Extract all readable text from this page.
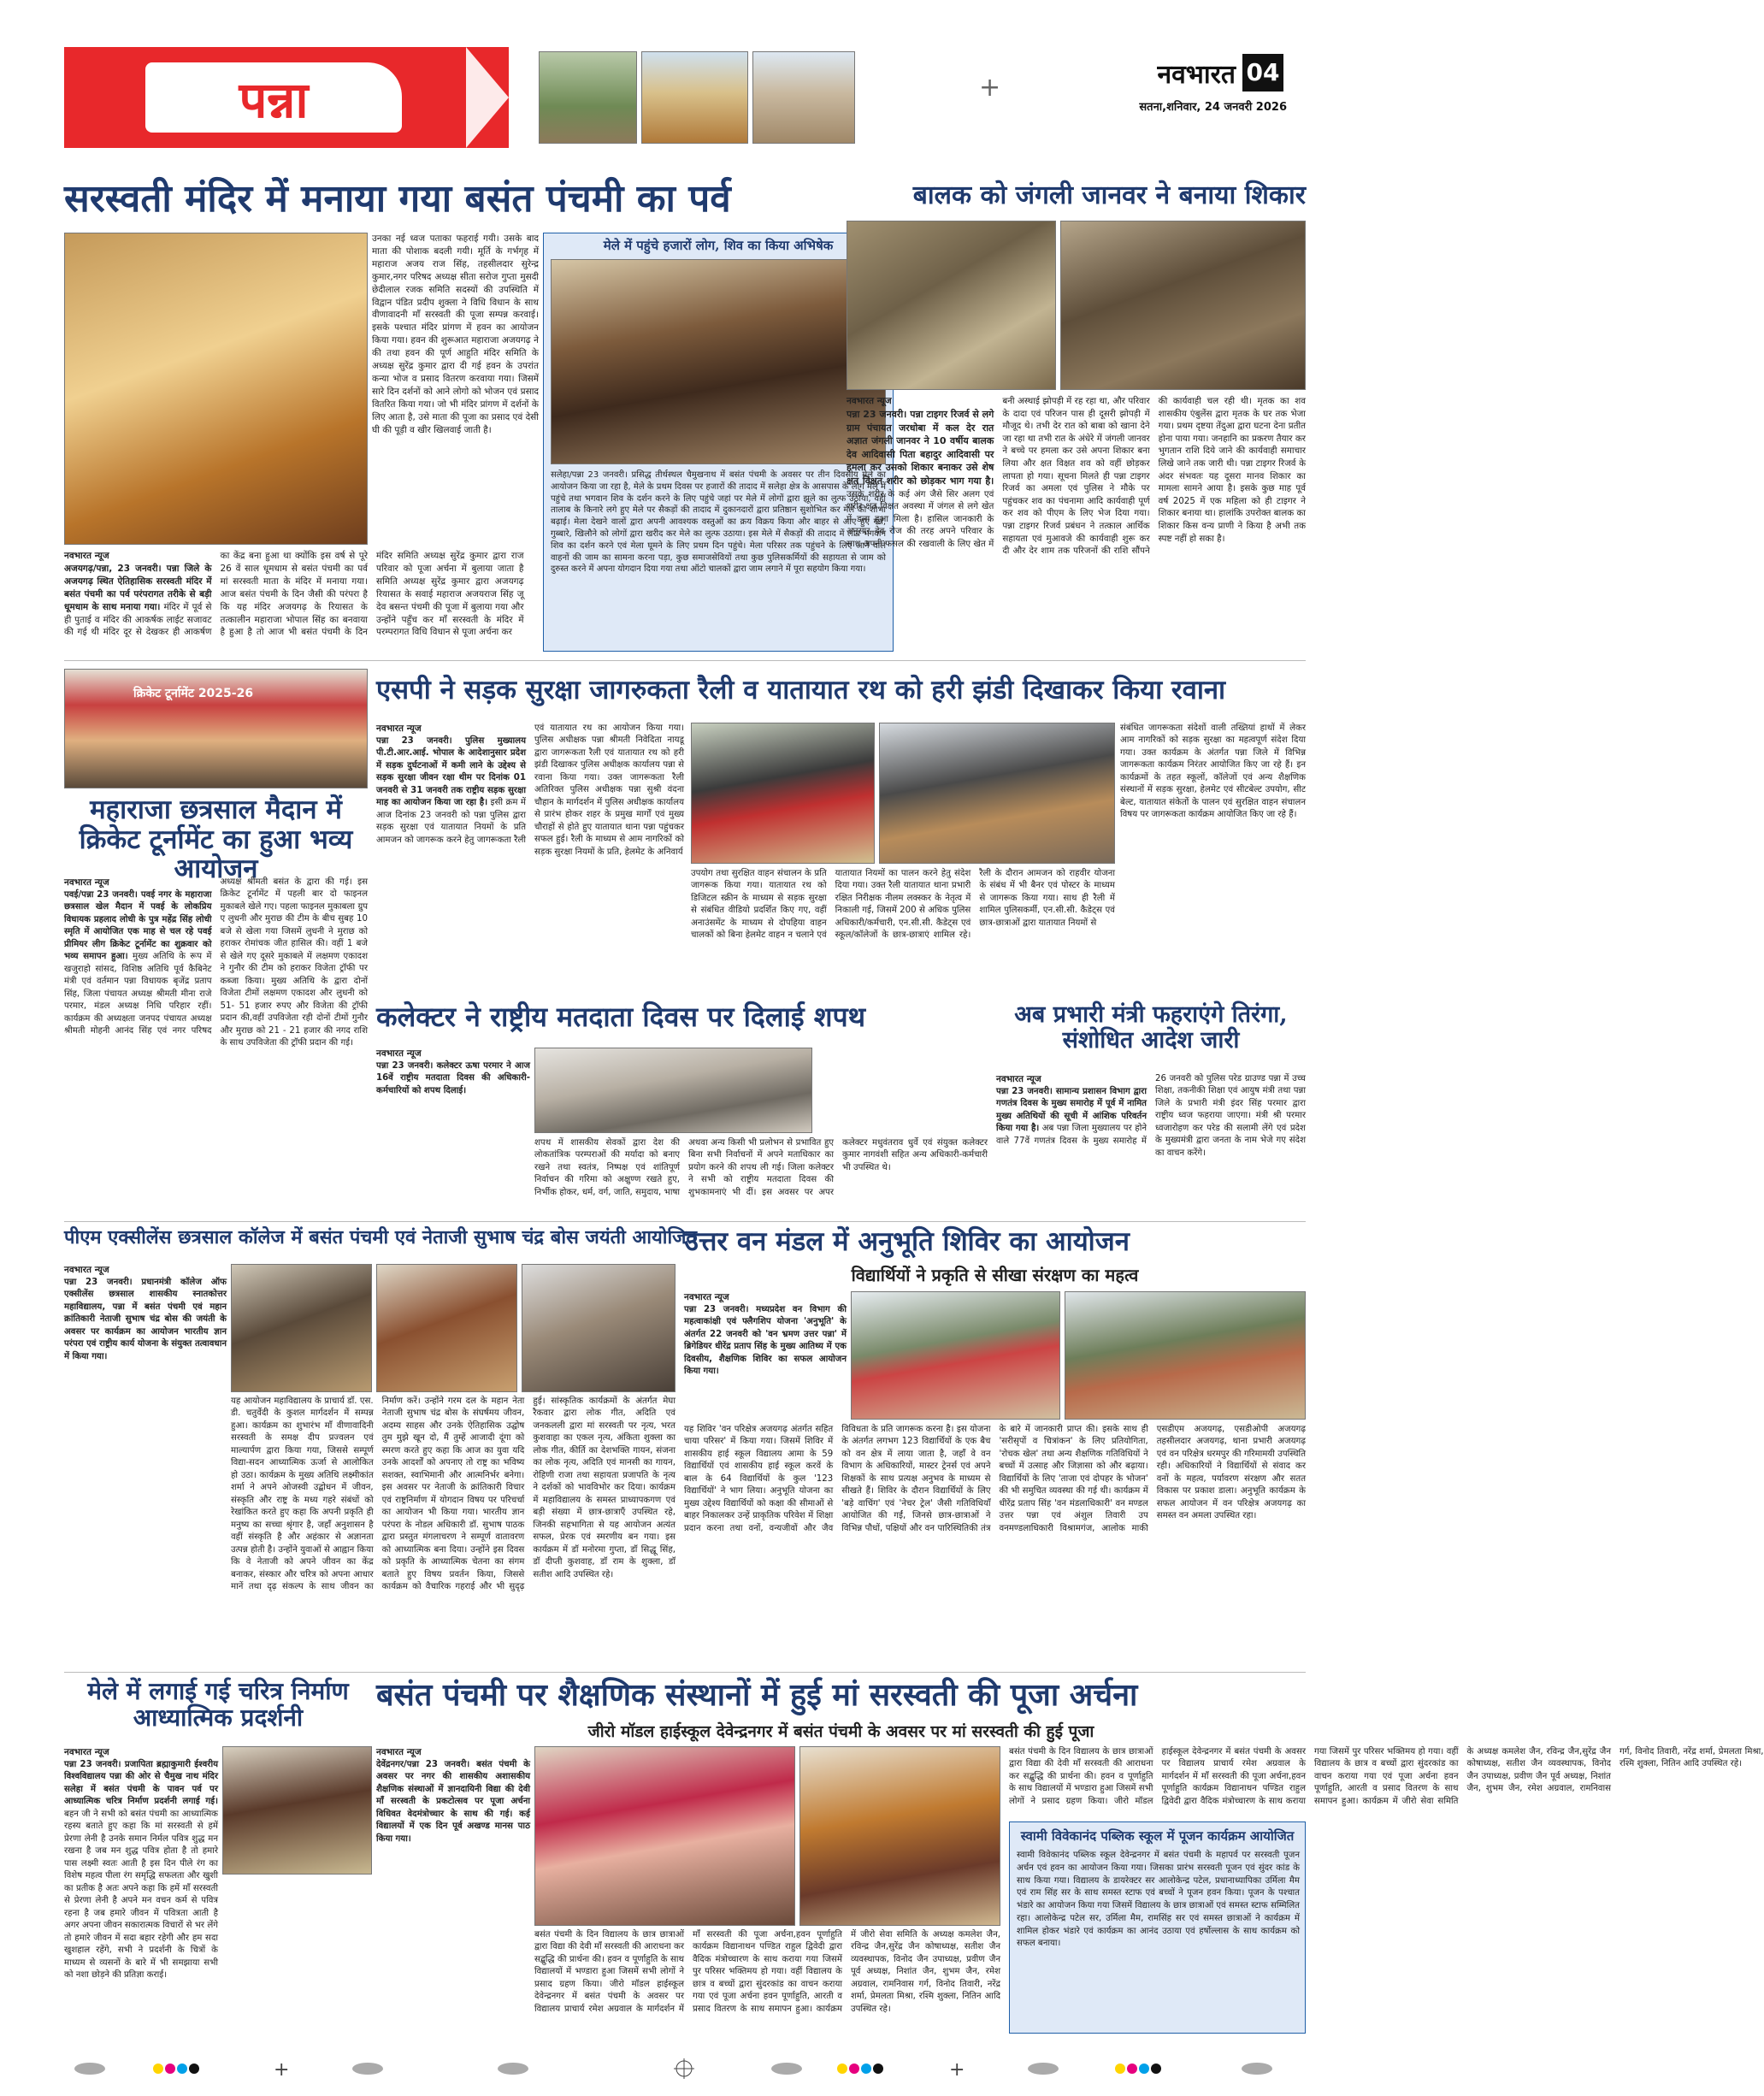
पन्ना	नवभारत 04
सतना,शनिवार, 24 जनवरी 2026
+
सरस्वती मंदिर में मनाया गया बसंत पंचमी का पर्व
नवभारत न्यूज
अजयगढ़/पन्ना, 23 जनवरी। पन्ना जिले के अजयगढ़ स्थित ऐतिहासिक सरस्वती मंदिर में बसंत पंचमी का पर्व परंपरागत तरीके से बड़ी धूमधाम के साथ मनाया गया। मंदिर में पूर्व से ही पुताई व मंदिर की आकर्षक लाईट सजावट की गई थी मंदिर दूर से देखकर ही आकर्षण का केंद्र बना हुआ था क्योंकि इस वर्ष से पूरे 26 वें साल धूमधाम से बसंत पंचमी का पर्व मां सरस्वती माता के मंदिर में मनाया गया। आज बसंत पंचमी के दिन जैसी की परंपरा है कि यह मंदिर अजयगढ़ के रियासत के तत्कालीन महाराजा भोपाल सिंह का बनवाया है हुआ है तो आज भी बसंत पंचमी के दिन मंदिर समिति अध्यक्ष सुरेंद्र कुमार द्वारा राज परिवार को पूजा अर्चना में बुलाया जाता है समिति अध्यक्ष सुरेंद्र कुमार द्वारा अजयगढ़ रियासत के सवाई महाराज अजयराज सिंह जू देव बसन्त पंचमी की पूजा में बुलाया गया और उन्होंने पहुँच कर माँ सरस्वती के मंदिर में परम्परागत विधि विधान से पूजा अर्चना कर
उनका नई ध्वज पताका फहराई गयी। उसके बाद माता की पोशाक बदली गयी। मूर्ति के गर्भगृह में महाराज अजय राज सिंह, तहसीलदार सुरेन्द्र कुमार,नगर परिषद अध्यक्ष सीता सरोज गुप्ता मुसदी छेदीलाल रजक समिति सदस्यों की उपस्थिति में विद्वान पंडित प्रदीप शुक्ला ने विधि विधान के साथ वीणावादनी माँ सरस्वती की पूजा सम्पन्न करवाई। इसके पश्चात मंदिर प्रांगण में हवन का आयोजन किया गया। हवन की शुरूआत महाराजा अजयगढ़ ने की तथा हवन की पूर्ण आहुति मंदिर समिति के अध्यक्ष सुरेंद्र कुमार द्वारा दी गई हवन के उपरांत कन्या भोज व प्रसाद वितरण करवाया गया। जिसमें सारे दिन दर्शनों को आने लोगो को भोजन एवं प्रसाद वितरित किया गया। जो भी मंदिर प्रांगण में दर्शनों के लिए आता है, उसे माता की पूजा का प्रसाद एवं देसी घी की पूड़ी व खीर खिलवाई जाती है।
मेले में पहुंचे हजारों लोग, शिव का किया अभिषेक
सलेहा/पन्ना 23 जनवरी। प्रसिद्ध तीर्थस्थल चैमुखनाथ में बसंत पंचमी के अवसर पर तीन दिवसीय मेले का आयोजन किया जा रहा है, मेले के प्रथम दिवस पर हजारों की तादाद में सलेहा क्षेत्र के आसपास के लोग मेले में पहुंचे तथा भगवान शिव के दर्शन करने के लिए पहुंचे जहां पर मेले में लोगों द्वारा झूले का लुत्फ उठाया, वहीं तालाब के किनारे लगे हुए मेले पर सैकड़ों की तादाद में दुकानदारों द्वारा प्रतिष्ठान सुशोभित कर मेले की शोभा बढ़ाई। मेला देखने वालों द्वारा अपनी आवश्यक वस्तुओं का क्रय विक्रय किया और बाहर से आए हुए गन्ने, गुब्बारे, खिलौने को लोगों द्वारा खरीद कर मेले का लुत्फ उठाया। इस मेले में सैकड़ों की तादाद में लोग भगवान शिव का दर्शन करने एवं मेला घूमने के लिए प्रथम दिन पहुंचे। मेला परिसर तक पहुंचने के लिए आने वाले वाहनों की जाम का सामना करना पड़ा, कुछ समाजसेवियों तथा कुछ पुलिसकर्मियों की सहायता से जाम को दुरुस्त करने में अपना योगदान दिया गया तथा ऑटो चालकों द्वारा जाम लगाने में पूरा सहयोग किया गया।
बालक को जंगली जानवर ने बनाया शिकार
नवभारत न्यूज
पन्ना 23 जनवरी। पन्ना टाइगर रिजर्व से लगे ग्राम पंचायत जरधोबा में कल देर रात अज्ञात जंगली जानवर ने 10 वर्षीय बालक देव आदिवासी पिता बहादुर आदिवासी पर हमला कर उसको शिकार बनाकर उसे शेष क्षत विक्षत शरीर को छोड़कर भाग गया है। उसके शरीर के कई अंग जैसे सिर अलग एवं शरीर क्षत विक्षत अवस्था में जंगल से लगे खेत में डला हुआ मिला है। हासिल जानकारी के अनुसार देव रोज की तरह अपने परिवार के साथ अपनी फसल की रखवाली के लिए खेत में बनी अस्थाई झोपड़ी में रह रहा था, और परिवार के दादा एवं परिजन पास ही दूसरी झोपड़ी में मौजूद थे। तभी देर रात को बाबा को खाना देने जा रहा था तभी रात के अंधेरे में जंगली जानवर ने बच्चे पर हमला कर उसे अपना शिकार बना लिया और क्षत विक्षत शव को वहीं छोड़कर लापता हो गया। सूचना मिलते ही पन्ना टाइगर रिजर्व का अमला एवं पुलिस ने मौके पर पहुंचकर शव का पंचनामा आदि कार्यवाही पूर्ण कर शव को पीएम के लिए भेज दिया गया। पन्ना टाइगर रिजर्व प्रबंधन ने तत्काल आर्थिक सहायता एवं मुआवजे की कार्यवाही शुरू कर दी और देर शाम तक परिजनों की राशि सौंपने की कार्यवाही चल रही थी। मृतक का शव शासकीय एंबुलेंस द्वारा मृतक के घर तक भेजा गया। प्रथम दृष्टया तेंदुआ द्वारा घटना देना प्रतीत होना पाया गया। जनहानि का प्रकरण तैयार कर भुगतान राशि दिये जाने की कार्यवाही समाचार लिखे जाने तक जारी थी। पन्ना टाइगर रिजर्व के अंदर संभवतः यह दूसरा मानव शिकार का मामला सामने आया है। इसके कुछ माह पूर्व वर्ष 2025 में एक महिला को ही टाइगर ने शिकार बनाया था। हालांकि उपरोक्त बालक का शिकार किस वन्य प्राणी ने किया है अभी तक स्पष्ट नहीं हो सका है।
क्रिकेट टूर्नामेंट 2025-26
महाराजा छत्रसाल मैदान में क्रिकेट टूर्नामेंट का हुआ भव्य आयोजन
नवभारत न्यूज
पवई/पन्ना 23 जनवरी। पवई नगर के महाराजा छत्रसाल खेल मैदान में पवई के लोकप्रिय विधायक प्रहलाद लोधी के पुत्र महेंद्र सिंह लोधी स्मृति में आयोजित एक माह से चल रहे पवई प्रीमियर लीग क्रिकेट टूर्नामेंट का शुक्रवार को भव्य समापन हुआ। मुख्य अतिथि के रूप में खजुराहो सांसद, विशिष्ठ अतिथि पूर्व कैबिनेट मंत्री एवं वर्तमान पन्ना विधायक बृजेंद्र प्रताप सिंह, जिला पंचायत अध्यक्ष श्रीमती मीना राजे परमार, मंडल अध्यक्ष निधि परिहार रहीं। कार्यक्रम की अध्यक्षता जनपद पंचायत अध्यक्ष श्रीमती मोहनी आनंद सिंह एवं नगर परिषद अध्यक्ष श्रीमती बसंत के द्वारा की गई। इस क्रिकेट टूर्नामेंट में पहली बार दो फाइनल मुकाबले खेले गए। पहला फाइनल मुकाबला ग्रुप ए लुधनी और मुराछ की टीम के बीच सुबह 10 बजे से खेला गया जिसमें लुधनी ने मुराछ को हराकर रोमांचक जीत हासिल की। वहीं 1 बजे से खेले गए दूसरे मुकाबले में लक्षमण एकादश ने गुनौर की टीम को हराकर विजेता ट्रॉफी पर कब्जा किया। मुख्य अतिथि के द्वारा दोनों विजेता टीमों लक्षमण एकादश और लुधनी को 51- 51 हजार रुपए और विजेता की ट्रॉफी प्रदान की,वहीं उपविजेता रही दोनों टीमों गुनौर और मुराछ को 21 - 21 हजार की नगद राशि के साथ उपविजेता की ट्रॉफी प्रदान की गई।
एसपी ने सड़क सुरक्षा जागरुकता रैली व यातायात रथ को हरी झंडी दिखाकर किया रवाना
नवभारत न्यूज
पन्ना 23 जनवरी। पुलिस मुख्यालय पी.टी.आर.आई. भोपाल के आदेशानुसार प्रदेश में सड़क दुर्घटनाओं में कमी लाने के उद्देश्य से सड़क सुरक्षा जीवन रक्षा थीम पर दिनांक 01 जनवरी से 31 जनवरी तक राष्ट्रीय सड़क सुरक्षा माह का आयोजन किया जा रहा है। इसी क्रम में आज दिनांक 23 जनवरी को पन्ना पुलिस द्वारा सड़क सुरक्षा एवं यातायात नियमों के प्रति आमजन को जागरूक करने हेतु जागरूकता रैली एवं यातायात रथ का आयोजन किया गया। पुलिस अधीक्षक पन्ना श्रीमती निवेदिता नायडू द्वारा जागरूकता रैली एवं यातायात रथ को हरी झंडी दिखाकर पुलिस अधीक्षक कार्यालय पन्ना से रवाना किया गया। उक्त जागरूकता रैली अतिरिक्त पुलिस अधीक्षक पन्ना सुश्री वंदना चौहान के मार्गदर्शन में पुलिस अधीक्षक कार्यालय से प्रारंभ होकर शहर के प्रमुख मार्गों एवं मुख्य चौराहों से होते हुए यातायात थाना पन्ना पहुंचकर सफल हुई। रैली के माध्यम से आम नागरिकों को सड़क सुरक्षा नियमों के प्रति, हेलमेट के अनिवार्य
उपयोग तथा सुरक्षित वाहन संचालन के प्रति जागरूक किया गया। यातायात रथ को डिजिटल स्क्रीन के माध्यम से सड़क सुरक्षा से संबंधित वीडियो प्रदर्शित किए गए, वहीं अनाउंसमेंट के माध्यम से दोपहिया वाहन चालकों को बिना हेलमेट वाहन न चलाने एवं यातायात नियमों का पालन करने हेतु संदेश दिया गया। उक्त रैली यातायात थाना प्रभारी रक्षित निरीक्षक नीलम लक्स्कर के नेतृत्व में निकाली गई, जिसमें 200 से अधिक पुलिस अधिकारी/कर्मचारी, एन.सी.सी. कैडेट्स एवं स्कूल/कॉलेजों के छात्र-छात्राएं शामिल रहे। रैली के दौरान आमजन को राहवीर योजना के संबंध में भी बैनर एवं पोस्टर के माध्यम से जागरूक किया गया। साथ ही रैली में शामिल पुलिसकर्मी, एन.सी.सी. कैडेट्स एवं छात्र-छात्राओं द्वारा यातायात नियमों से
संबंधित जागरूकता संदेशों वाली तख्तियां हाथों में लेकर आम नागरिकों को सड़क सुरक्षा का महत्वपूर्ण संदेश दिया गया। उक्त कार्यक्रम के अंतर्गत पन्ना जिले में विभिन्न जागरूकता कार्यक्रम निरंतर आयोजित किए जा रहे हैं। इन कार्यक्रमों के तहत स्कूलों, कॉलेजों एवं अन्य शैक्षणिक संस्थानों में सड़क सुरक्षा, हेलमेट एवं सीटबेल्ट उपयोग, सीट बेल्ट, यातायात संकेतों के पालन एवं सुरक्षित वाहन संचालन विषय पर जागरूकता कार्यक्रम आयोजित किए जा रहे हैं।
कलेक्टर ने राष्ट्रीय मतदाता दिवस पर दिलाई शपथ
नवभारत न्यूज
पन्ना 23 जनवरी। कलेक्टर ऊषा परमार ने आज 16वें राष्ट्रीय मतदाता दिवस की अधिकारी-कर्मचारियों को शपथ दिलाई।
शपथ में शासकीय सेवकों द्वारा देश की लोकतांत्रिक परम्पराओं की मर्यादा को बनाए रखने तथा स्वतंत्र, निष्पक्ष एवं शांतिपूर्ण निर्वाचन की गरिमा को अक्षुण्ण रखते हुए, निर्भीक होकर, धर्म, वर्ग, जाति, समुदाय, भाषा अथवा अन्य किसी भी प्रलोभन से प्रभावित हुए बिना सभी निर्वाचनों में अपने मताधिकार का प्रयोग करने की शपथ ली गई। जिला कलेक्टर ने सभी को राष्ट्रीय मतदाता दिवस की शुभकामनाएं भी दीं। इस अवसर पर अपर कलेक्टर मधुवंतराव धुर्वे एवं संयुक्त कलेक्टर कुमार नागवंशी सहित अन्य अधिकारी-कर्मचारी भी उपस्थित थे।
अब प्रभारी मंत्री फहराएंगे तिरंगा, संशोधित आदेश जारी
नवभारत न्यूज
पन्ना 23 जनवरी। सामान्य प्रशासन विभाग द्वारा गणतंत्र दिवस के मुख्य समारोह में पूर्व में नामित मुख्य अतिथियों की सूची में आंशिक परिवर्तन किया गया है। अब पन्ना जिला मुख्यालय पर होने वाले 77वें गणतंत्र दिवस के मुख्य समारोह में 26 जनवरी को पुलिस परेड ग्राउण्ड पन्ना में उच्च शिक्षा, तकनीकी शिक्षा एवं आयुष मंत्री तथा पन्ना जिले के प्रभारी मंत्री इंदर सिंह परमार द्वारा राष्ट्रीय ध्वज फहराया जाएगा। मंत्री श्री परमार ध्वजारोहण कर परेड की सलामी लेंगे एवं प्रदेश के मुख्यमंत्री द्वारा जनता के नाम भेजे गए संदेश का वाचन करेंगे।
पीएम एक्सीलेंस छत्रसाल कॉलेज में बसंत पंचमी एवं नेताजी सुभाष चंद्र बोस जयंती आयोजित
नवभारत न्यूज
पन्ना 23 जनवरी। प्रधानमंत्री कॉलेज ऑफ एक्सीलेंस छत्रसाल शासकीय स्नातकोत्तर महाविद्यालय, पन्ना में बसंत पंचमी एवं महान क्रांतिकारी नेताजी सुभाष चंद्र बोस की जयंती के अवसर पर कार्यक्रम का आयोजन भारतीय ज्ञान परंपरा एवं राष्ट्रीय कार्य योजना के संयुक्त तत्वावधान में किया गया।
यह आयोजन महाविद्यालय के प्राचार्य डॉ. एस. डी. चतुर्वेदी के कुशल मार्गदर्शन में सम्पन्न हुआ। कार्यक्रम का शुभारंभ माँ वीणावादिनी सरस्वती के समक्ष दीप प्रज्वलन एवं माल्यार्पण द्वारा किया गया, जिससे सम्पूर्ण विद्या-सदन आध्यात्मिक ऊर्जा से आलोकित हो उठा। कार्यक्रम के मुख्य अतिथि लक्ष्मीकांत शर्मा ने अपने ओजस्वी उद्बोधन में जीवन, संस्कृति और राष्ट्र के मध्य गहरे संबंधों को रेखांकित करते हुए कहा कि अपनी प्रकृति ही मनुष्य का सच्चा श्रृंगार है, जहाँ अनुशासन है वहीं संस्कृति है और अहंकार से अज्ञानता उत्पन्न होती है। उन्होंने युवाओं से आह्वान किया कि वे नेताजी को अपने जीवन का केंद्र बनाकर, संस्कार और चरित्र को अपना आधार मानें तथा दृढ़ संकल्प के साथ जीवन का निर्माण करें। उन्होंने गरम दल के महान नेता नेताजी सुभाष चंद्र बोस के संघर्षमय जीवन, अदम्य साहस और उनके ऐतिहासिक उद्घोष तुम मुझे खून दो, मैं तुम्हें आजादी दूंगा को स्मरण करते हुए कहा कि आज का युवा यदि उनके आदर्शों को अपनाए तो राष्ट्र का भविष्य सशक्त, स्वाभिमानी और आत्मनिर्भर बनेगा। इस अवसर पर नेताजी के क्रांतिकारी विचार एवं राष्ट्रनिर्माण में योगदान विषय पर परिचर्चा का आयोजन भी किया गया। भारतीय ज्ञान परंपरा के नोडल अधिकारी डॉ. सुभाष पाठक द्वारा प्रस्तुत मंगलाचरण ने सम्पूर्ण वातावरण को आध्यात्मिक बना दिया। उन्होंने इस दिवस को प्रकृति के आध्यात्मिक चेतना का संगम बताते हुए विषय प्रवर्तन किया, जिससे कार्यक्रम को वैचारिक गहराई और भी सुदृढ़ हुई। सांस्कृतिक कार्यक्रमों के अंतर्गत मेघा रैकवार द्वारा लोक गीत, अदिति एवं जनकलली द्वारा मां सरस्वती पर नृत्य, भरत कुशवाहा का एकल नृत्य, अंकिता शुक्ला का लोक गीत, कीर्ति का देशभक्ति गायन, संजना का लोक नृत्य, अदिति एवं मानसी का गायन, रोहिणी राजा तथा सहायता प्रजापति के नृत्य ने दर्शकों को भावविभोर कर दिया। कार्यक्रम में महाविद्यालय के समस्त प्राध्यापकगण एवं बड़ी संख्या में छात्र-छात्राएँ उपस्थित रहे, जिनकी सहभागिता से यह आयोजन अत्यंत सफल, प्रेरक एवं स्मरणीय बन गया। इस कार्यक्रम में डॉ मनोरमा गुप्ता, डॉ सिद्धू सिंह, डॉ दीप्ती कुशवाह, डॉ राम के शुक्ला, डॉ सतीश आदि उपस्थित रहे।
उत्तर वन मंडल में अनुभूति शिविर का आयोजन
विद्यार्थियों ने प्रकृति से सीखा संरक्षण का महत्व
नवभारत न्यूज
पन्ना 23 जनवरी। मध्यप्रदेश वन विभाग की महत्वाकांक्षी एवं फ्लैगशिप योजना 'अनुभूति' के अंतर्गत 22 जनवरी को 'वन भ्रमण उत्तर पन्ना' में ब्रिगेडियर धीरेंद्र प्रताप सिंह के मुख्य आतिथ्य में एक दिवसीय, शैक्षणिक शिविर का सफल आयोजन किया गया।
यह शिविर 'वन परिक्षेत्र अजयगढ़ अंतर्गत सहित चाया परिसर' में किया गया। जिसमें शिविर में शासकीय हाई स्कूल विद्यालय आमा के 59 विद्यार्थियों एवं शासकीय हाई स्कूल करवें के बाल के 64 विद्यार्थियों के कुल '123 विद्यार्थियों' ने भाग लिया। अनुभूति योजना का मुख्य उद्देश्य विद्यार्थियों को कक्षा की सीमाओं से बाहर निकालकर उन्हें प्राकृतिक परिवेश में शिक्षा प्रदान करना तथा वनों, वन्यजीवों और जैव विविधता के प्रति जागरूक करना है। इस योजना के अंतर्गत लगभग 123 विद्यार्थियों के एक बैच को वन क्षेत्र में लाया जाता है, जहाँ वे वन विभाग के अधिकारियों, मास्टर ट्रेनर्स एवं अपने शिक्षकों के साथ प्रत्यक्ष अनुभव के माध्यम से सीखते हैं। शिविर के दौरान विद्यार्थियों के लिए 'बड़े वाचिंग' एवं 'नेचर ट्रेल' जैसी गतिविधियाँ आयोजित की गईं, जिनसे छात्र-छात्राओं ने विभिन्न पौधों, पक्षियों और वन पारिस्थितिकी तंत्र के बारे में जानकारी प्राप्त की। इसके साथ ही 'सरीसृपों व चित्रांकन' के लिए प्रतियोगिता, 'रोचक खेल' तथा अन्य शैक्षणिक गतिविधियों ने बच्चों में उत्साह और जिज्ञासा को और बढ़ाया। विद्यार्थियों के लिए 'ताजा एवं दोपहर के भोजन' की भी समुचित व्यवस्था की गई थी। कार्यक्रम में धीरेंद्र प्रताप सिंह 'वन मंडलाधिकारी' वन मण्डल उत्तर पन्ना एवं अंशुल तिवारी उप वनमण्डलाधिकारी विश्रामगंज, आलोक माकी एसडीएम अजयगढ़, एसडीओपी अजयगढ़ तहसीलदार अजयगढ़, थाना प्रभारी अजयगढ़ एवं वन परिक्षेत्र धरमपुर की गरिमामयी उपस्थिति रही। अधिकारियों ने विद्यार्थियों से संवाद कर वनों के महत्व, पर्यावरण संरक्षण और सतत विकास पर प्रकाश डाला। अनुभूति कार्यक्रम के सफल आयोजन में वन परिक्षेत्र अजयगढ़ का समस्त वन अमला उपस्थित रहा।
मेले में लगाई गई चरित्र निर्माण आध्यात्मिक प्रदर्शनी
नवभारत न्यूज
पन्ना 23 जनवरी। प्रजापिता ब्रह्माकुमारी ईश्वरीय विश्वविद्यालय पन्ना की ओर से चैमुख नाथ मंदिर सलेहा में बसंत पंचमी के पावन पर्व पर आध्यात्मिक चरित्र निर्माण प्रदर्शनी लगाई गई। बहन जी ने सभी को बसंत पंचमी का आध्यात्मिक रहस्य बताते हुए कहा कि मां सरस्वती से हमें प्रेरणा लेनी है उनके समान निर्मल पवित्र शुद्ध मन रखना है जब मन शुद्ध पवित्र होता है तो हमारे पास लक्ष्मी स्वतः आती है इस दिन पीले रंग का विशेष महत्व पीला रंग समृद्धि सफलता और खुशी का प्रतीक है अतः अपने कहा कि हमें माँ सरस्वती से प्रेरणा लेनी है अपने मन वचन कर्म से पवित्र रहना है जब हमारे जीवन में पवित्रता आती है अगर अपना जीवन सकारात्मक विचारों से भर लेंगे तो हमारे जीवन में सदा बहार रहेगी और हम सदा खुशहाल रहेंगे, सभी ने प्रदर्शनी के चित्रों के माध्यम से व्यसनों के बारे में भी समझाया सभी को नशा छोड़ने की प्रतिज्ञा कराई।
बसंत पंचमी पर शैक्षणिक संस्थानों में हुई मां सरस्वती की पूजा अर्चना
जीरो मॉडल हाईस्कूल देवेन्द्रनगर में बसंत पंचमी के अवसर पर मां सरस्वती की हुई पूजा
नवभारत न्यूज
देवेंद्रनगर/पन्ना 23 जनवरी। बसंत पंचमी के अवसर पर नगर की शासकीय अशासकीय शैक्षणिक संस्थाओं में ज्ञानदायिनी विद्या की देवी माँ सरस्वती के प्रकटोत्सव पर पूजा अर्चना विधिवत वेदमंत्रोच्चार के साथ की गई। कई विद्यालयों में एक दिन पूर्व अखण्ड मानस पाठ किया गया।
बसंत पंचमी के दिन विद्यालय के छात्र छात्राओं द्वारा विद्या की देवी माँ सरस्वती की आराधना कर सद्बुद्धि की प्रार्थना की। हवन व पूर्णाहुति के साथ विद्यालयों में भण्डारा हुआ जिसमें सभी लोगों ने प्रसाद ग्रहण किया। जीरो मॉडल हाईस्कूल देवेन्द्रनगर में बसंत पंचमी के अवसर पर विद्यालय प्राचार्य रमेश अग्रवाल के मार्गदर्शन में माँ सरस्वती की पूजा अर्चना,हवन पूर्णाहुति कार्यक्रम विद्यानाथन पण्डित राहुल द्विवेदी द्वारा वैदिक मंत्रोच्चारण के साथ कराया गया जिसमें पुर परिसर भक्तिमय हो गया। वहीं विद्यालय के छात्र व बच्चों द्वारा सुंदरकांड का वाचन कराया गया एवं पूजा अर्चना हवन पूर्णाहुति, आरती व प्रसाद वितरण के साथ समापन हुआ। कार्यक्रम में जीरो सेवा समिति के अध्यक्ष कमलेश जैन, रविन्द्र जैन,सुरेंद्र जैन कोषाध्यक्ष, सतीश जैन व्यवस्थापक, विनोद जैन उपाध्यक्ष, प्रवीण जैन पूर्व अध्यक्ष, निशांत जैन, शुभम जैन, रमेश अग्रवाल, रामनिवास गर्ग, विनोद तिवारी, नरेंद्र शर्मा, प्रेमलता मिश्रा, रश्मि शुक्ला, नितिन आदि उपस्थित रहे।
बसंत पंचमी के दिन विद्यालय के छात्र छात्राओं द्वारा विद्या की देवी माँ सरस्वती की आराधना कर सद्बुद्धि की प्रार्थना की। हवन व पूर्णाहुति के साथ विद्यालयों में भण्डारा हुआ जिसमें सभी लोगों ने प्रसाद ग्रहण किया। जीरो मॉडल हाईस्कूल देवेन्द्रनगर में बसंत पंचमी के अवसर पर विद्यालय प्राचार्य रमेश अग्रवाल के मार्गदर्शन में माँ सरस्वती की पूजा अर्चना,हवन पूर्णाहुति कार्यक्रम विद्यानाथन पण्डित राहुल द्विवेदी द्वारा वैदिक मंत्रोच्चारण के साथ कराया गया जिसमें पुर परिसर भक्तिमय हो गया। वहीं विद्यालय के छात्र व बच्चों द्वारा सुंदरकांड का वाचन कराया गया एवं पूजा अर्चना हवन पूर्णाहुति, आरती व प्रसाद वितरण के साथ समापन हुआ। कार्यक्रम में जीरो सेवा समिति के अध्यक्ष कमलेश जैन, रविन्द्र जैन,सुरेंद्र जैन कोषाध्यक्ष, सतीश जैन व्यवस्थापक, विनोद जैन उपाध्यक्ष, प्रवीण जैन पूर्व अध्यक्ष, निशांत जैन, शुभम जैन, रमेश अग्रवाल, रामनिवास गर्ग, विनोद तिवारी, नरेंद्र शर्मा, प्रेमलता मिश्रा, रश्मि शुक्ला, नितिन आदि उपस्थित रहे।
स्वामी विवेकानंद पब्लिक स्कूल में पूजन कार्यक्रम आयोजित
स्वामी विवेकानंद पब्लिक स्कूल देवेन्द्रनगर में बसंत पंचमी के महापर्व पर सरस्वती पूजन अर्चन एवं हवन का आयोजन किया गया। जिसका प्रारंभ सरस्वती पूजन एवं सुंदर कांड के साथ किया गया। विद्यालय के डायरेक्टर सर आलोकेन्द्र पटेल, प्रधानाध्यापिका उर्मिला मैम एवं राम सिंह सर के साथ समस्त स्टाफ एवं बच्चों ने पूजन हवन किया। पूजन के पश्चात भंडारे का आयोजन किया गया जिसमें विद्यालय के छात्र छात्राओं एवं समस्त स्टाफ सम्मिलित रहा। आलोकेन्द्र पटेल सर, उर्मिला मैम, रामसिंह सर एवं समस्त छात्राओं ने कार्यक्रम में शामिल होकर भंडारे एवं कार्यक्रम का आनंद उठाया एवं हर्षोल्लास के साथ कार्यक्रम को सफल बनाया।
+	+
